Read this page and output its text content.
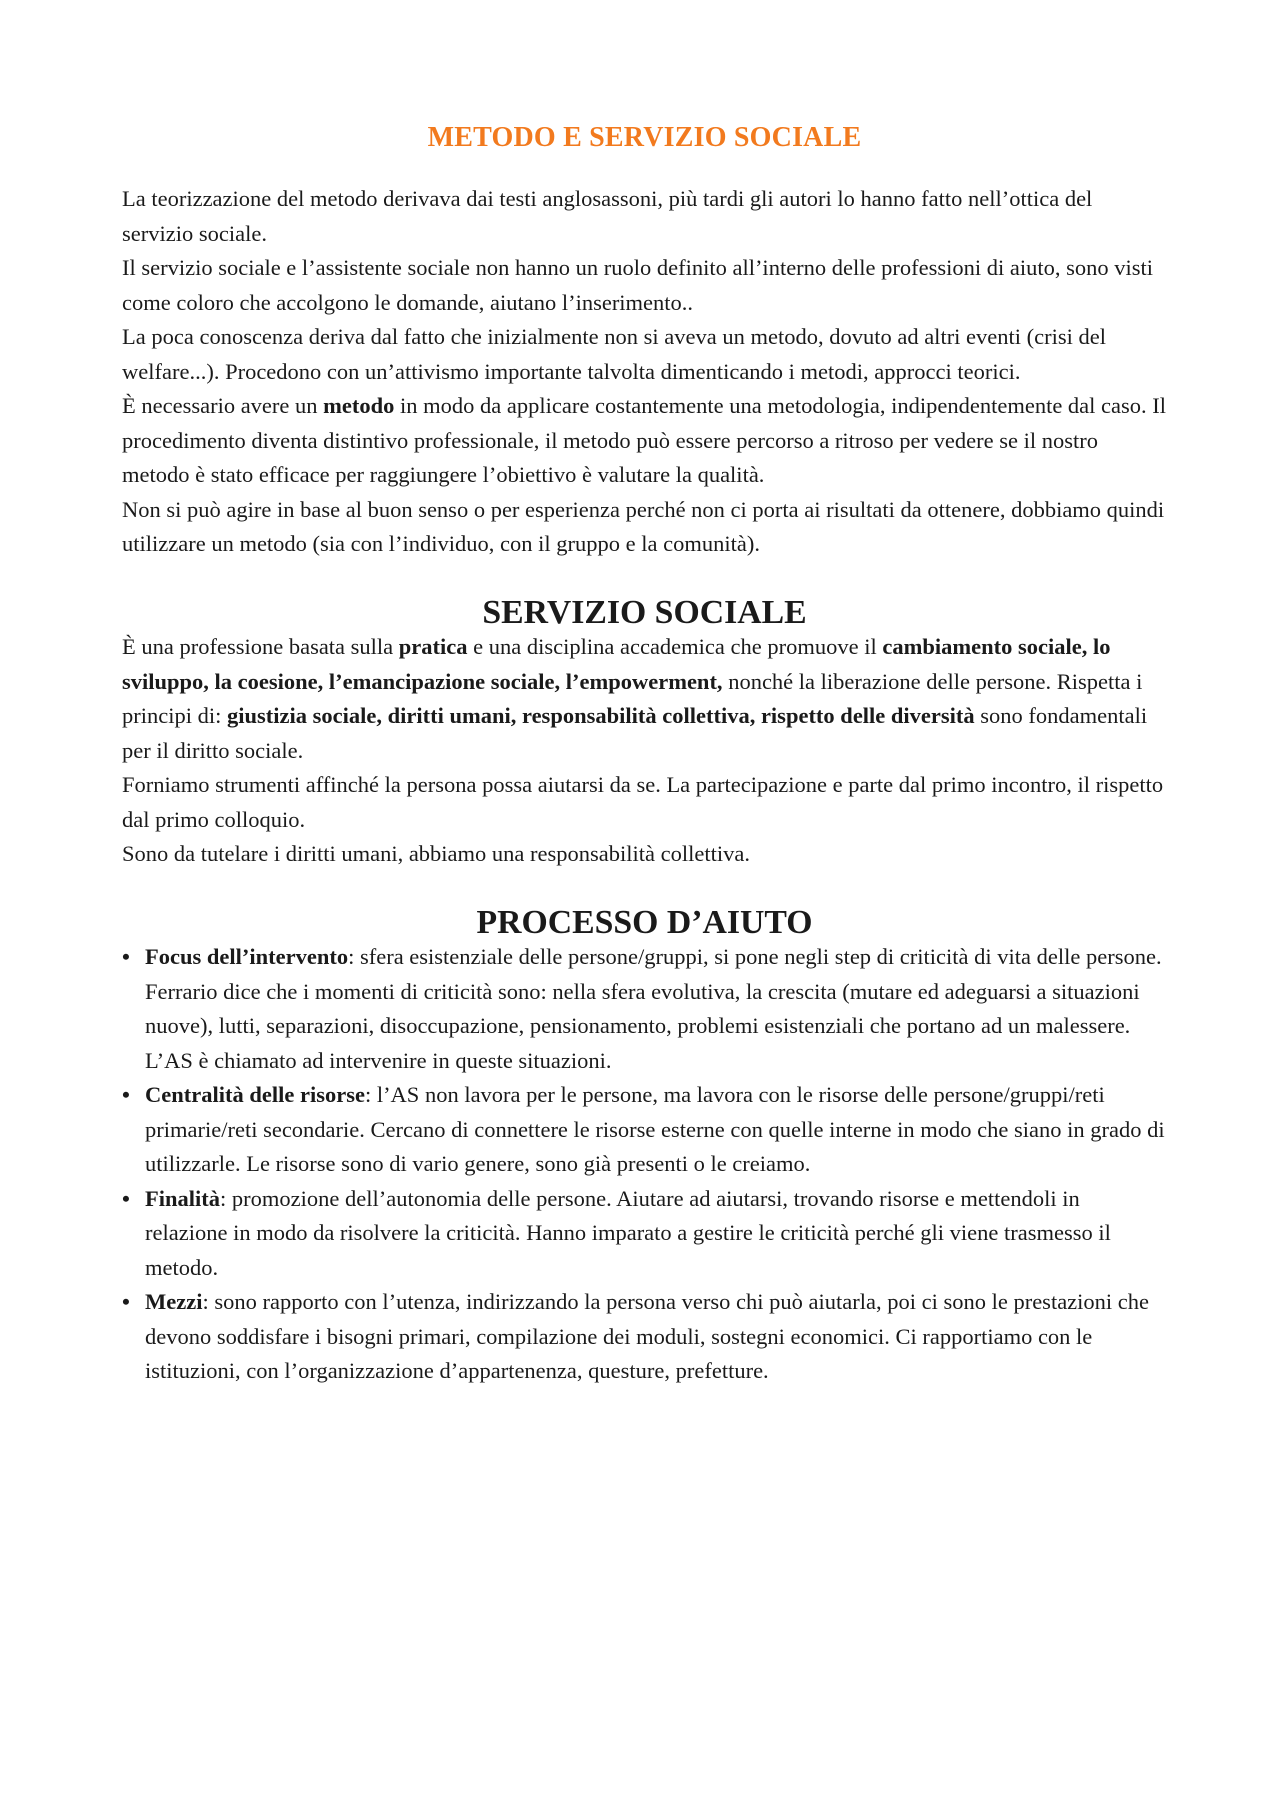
METODO E SERVIZIO SOCIALE

La teorizzazione del metodo derivava dai testi anglosassoni, più tardi gli autori lo hanno fatto nell’ottica del servizio sociale.

Il servizio sociale e l’assistente sociale non hanno un ruolo definito all’interno delle professioni di aiuto, sono visti come coloro che accolgono le domande, aiutano l’inserimento..

La poca conoscenza deriva dal fatto che inizialmente non si aveva un metodo, dovuto ad altri eventi (crisi del welfare...). Procedono con un’attivismo importante talvolta dimenticando i metodi, approcci teorici.

È necessario avere un metodo in modo da applicare costantemente una metodologia, indipendentemente dal caso. Il procedimento diventa distintivo professionale, il metodo può essere percorso a ritroso per vedere se il nostro metodo è stato efficace per raggiungere l’obiettivo è valutare la qualità.

Non si può agire in base al buon senso o per esperienza perché non ci porta ai risultati da ottenere, dobbiamo quindi utilizzare un metodo (sia con l’individuo, con il gruppo e la comunità).

SERVIZIO SOCIALE

È una professione basata sulla pratica e una disciplina accademica che promuove il cambiamento sociale, lo sviluppo, la coesione, l’emancipazione sociale, l’empowerment, nonché la liberazione delle persone. Rispetta i principi di: giustizia sociale, diritti umani, responsabilità collettiva, rispetto delle diversità sono fondamentali per il diritto sociale.

Forniamo strumenti affinché la persona possa aiutarsi da se. La partecipazione e parte dal primo incontro, il rispetto dal primo colloquio.

Sono da tutelare i diritti umani, abbiamo una responsabilità collettiva.

PROCESSO D’AIUTO
• Focus dell’intervento: sfera esistenziale delle persone/gruppi, si pone negli step di criticità di vita delle persone. Ferrario dice che i momenti di criticità sono: nella sfera evolutiva, la crescita (mutare ed adeguarsi a situazioni nuove), lutti, separazioni, disoccupazione, pensionamento, problemi esistenziali che portano ad un malessere. L’AS è chiamato ad intervenire in queste situazioni.
• Centralità delle risorse: l’AS non lavora per le persone, ma lavora con le risorse delle persone/gruppi/reti primarie/reti secondarie. Cercano di connettere le risorse esterne con quelle interne in modo che siano in grado di utilizzarle. Le risorse sono di vario genere, sono già presenti o le creiamo.
• Finalità: promozione dell’autonomia delle persone. Aiutare ad aiutarsi, trovando risorse e mettendoli in relazione in modo da risolvere la criticità. Hanno imparato a gestire le criticità perché gli viene trasmesso il metodo.
• Mezzi: sono rapporto con l’utenza, indirizzando la persona verso chi può aiutarla, poi ci sono le prestazioni che devono soddisfare i bisogni primari, compilazione dei moduli, sostegni economici. Ci rapportiamo con le istituzioni, con l’organizzazione d’appartenenza, questure, prefetture.
